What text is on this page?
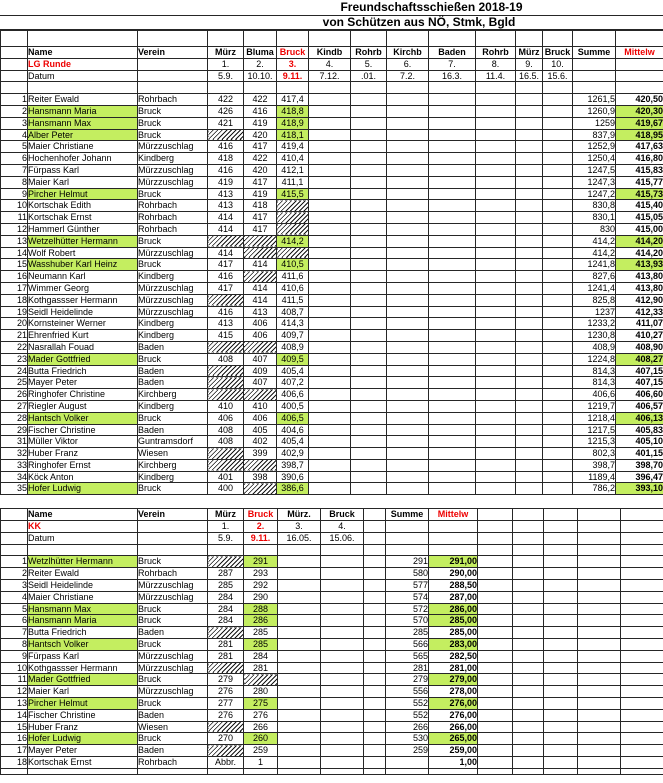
Freundschaftsschießen 2018-19
von Schützen aus NÖ, Stmk, Bgld

	Name	Verein	Mürz	Bluma	Bruck	Kindb	Rohrb	Kirchb	Baden	Rohrb	Mürz	Bruck	Summe	Mittelw
	LG Runde		1.	2.	3.	4.	5.	6.	7.	8.	9.	10.		
	Datum		5.9.	10.10.	9.11.	7.12.	.01.	7.2.	16.3.	11.4.	16.5.	15.6.		

1	Reiter Ewald	Rohrbach	422	422	417,4								1261,5	420,50
2	Hansmann Maria	Bruck	426	416	418,8								1260,9	420,30
3	Hansmann Max	Bruck	421	419	418,9								1259	419,67
4	Alber Peter	Bruck		420	418,1								837,9	418,95
5	Maier Christiane	Mürzzuschlag	416	417	419,4								1252,9	417,63
6	Hochenhofer Johann	Kindberg	418	422	410,4								1250,4	416,80
7	Fürpass Karl	Mürzzuschlag	416	420	412,1								1247,5	415,83
8	Maier Karl	Mürzzuschlag	419	417	411,1								1247,3	415,77
9	Pircher Helmut	Bruck	413	419	415,5								1247,2	415,73
10	Kortschak Edith	Rohrbach	413	418									830,8	415,40
11	Kortschak Ernst	Rohrbach	414	417									830,1	415,05
12	Hammerl Günther	Rohrbach	414	417									830	415,00
13	Wetzelhütter Hermann	Bruck			414,2								414,2	414,20
14	Wolf Robert	Mürzzuschlag	414										414,2	414,20
15	Wasshuber Karl Heinz	Bruck	417	414	410,5								1241,8	413,93
16	Neumann Karl	Kindberg	416		411,6								827,6	413,80
17	Wimmer Georg	Mürzzuschlag	417	414	410,6								1241,4	413,80
18	Kothgassser Hermann	Mürzzuschlag		414	411,5								825,8	412,90
19	Seidl Heidelinde	Mürzzuschlag	416	413	408,7								1237	412,33
20	Kornsteiner Werner	Kindberg	413	406	414,3								1233,2	411,07
21	Ehrenfried Kurt	Kindberg	415	406	409,7								1230,8	410,27
22	Nasrallah Fouad	Baden			408,9								408,9	408,90
23	Mader Gottfried	Bruck	408	407	409,5								1224,8	408,27
24	Butta Friedrich	Baden		409	405,4								814,3	407,15
25	Mayer Peter	Baden		407	407,2								814,3	407,15
26	Ringhofer Christine	Kirchberg			406,6								406,6	406,60
27	Riegler August	Kindberg	410	410	400,5								1219,7	406,57
28	Hantsch Volker	Bruck	406	406	406,5								1218,4	406,13
29	Fischer Christine	Baden	408	405	404,6								1217,5	405,83
31	Müller Viktor	Guntramsdorf	408	402	405,4								1215,3	405,10
32	Huber Franz	Wiesen		399	402,9								802,3	401,15
33	Ringhofer Ernst	Kirchberg			398,7								398,7	398,70
34	Köck Anton	Kindberg	401	398	390,6								1189,4	396,47
35	Hofer Ludwig	Bruck	400		386,6								786,2	393,10
	Name	Verein	Mürz	Bruck	Mürz.	Bruck		Summe	Mittelw					
	KK		1.	2.	3.	4.								
	Datum		5.9.	9.11.	16.05.	15.06.								

1	Wetzlhütter Hermann	Bruck		291				291	291,00					
2	Reiter Ewald	Rohrbach	287	293				580	290,00					
3	Seidl Heidelinde	Mürzzuschlag	285	292				577	288,50					
4	Maier Christiane	Mürzzuschlag	284	290				574	287,00					
5	Hansmann Max	Bruck	284	288				572	286,00					
6	Hansmann Maria	Bruck	284	286				570	285,00					
7	Butta Friedrich	Baden		285				285	285,00					
8	Hantsch Volker	Bruck	281	285				566	283,00					
9	Fürpass Karl	Mürzzuschlag	281	284				565	282,50					
10	Kothgassser Hermann	Mürzzuschlag		281				281	281,00					
11	Mader Gottfried	Bruck	279					279	279,00					
12	Maier Karl	Mürzzuschlag	276	280				556	278,00					
13	Pircher Helmut	Bruck	277	275				552	276,00					
14	Fischer Christine	Baden	276	276				552	276,00					
15	Huber Franz	Wiesen		266				266	266,00					
16	Hofer Ludwig	Bruck	270	260				530	265,00					
17	Mayer Peter	Baden		259				259	259,00					
18	Kortschak Ernst	Rohrbach	Abbr.	1					1,00					
